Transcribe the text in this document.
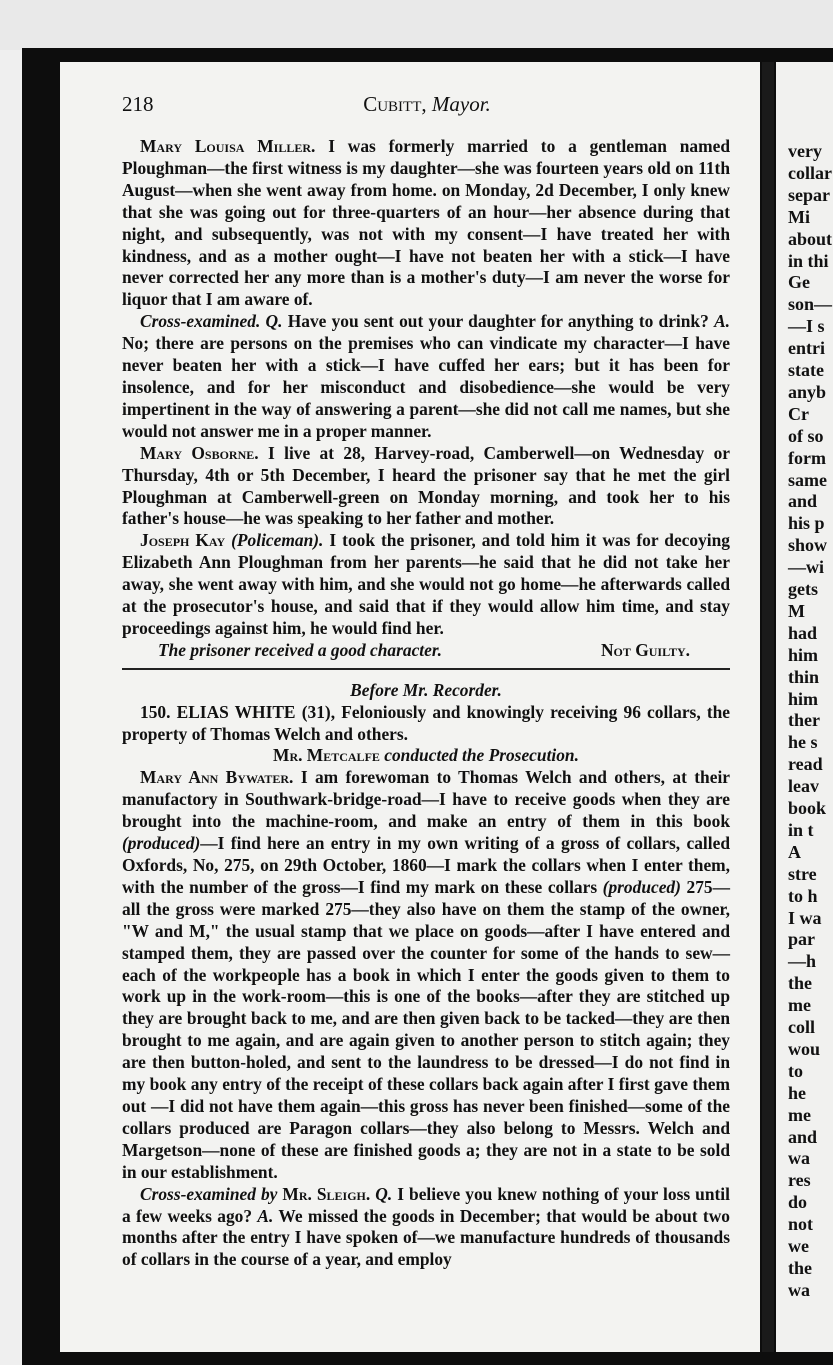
218	Cubitt, Mayor.

Mary Louisa Miller. I was formerly married to a gentleman named Ploughman—the first witness is my daughter—she was fourteen years old on 11th August—when she went away from home. on Monday, 2d December, I only knew that she was going out for three-quarters of an hour—her absence during that night, and subsequently, was not with my consent—I have treated her with kindness, and as a mother ought—I have not beaten her with a stick—I have never corrected her any more than is a mother's duty—I am never the worse for liquor that I am aware of.

Cross-examined. Q. Have you sent out your daughter for anything to drink? A. No; there are persons on the premises who can vindicate my character—I have never beaten her with a stick—I have cuffed her ears; but it has been for insolence, and for her misconduct and disobedience—she would be very impertinent in the way of answering a parent—she did not call me names, but she would not answer me in a proper manner.

Mary Osborne. I live at 28, Harvey-road, Camberwell—on Wednesday or Thursday, 4th or 5th December, I heard the prisoner say that he met the girl Ploughman at Camberwell-green on Monday morning, and took her to his father's house—he was speaking to her father and mother.

Joseph Kay (Policeman). I took the prisoner, and told him it was for decoying Elizabeth Ann Ploughman from her parents—he said that he did not take her away, she went away with him, and she would not go home—he afterwards called at the prosecutor's house, and said that if they would allow him time, and stay proceedings against him, he would find her.

The prisoner received a good character.	Not Guilty.

Before Mr. Recorder.

150. ELIAS WHITE (31), Feloniously and knowingly receiving 96 collars, the property of Thomas Welch and others.

Mr. Metcalfe conducted the Prosecution.

Mary Ann Bywater. I am forewoman to Thomas Welch and others, at their manufactory in Southwark-bridge-road—I have to receive goods when they are brought into the machine-room, and make an entry of them in this book (produced)—I find here an entry in my own writing of a gross of collars, called Oxfords, No, 275, on 29th October, 1860—I mark the collars when I enter them, with the number of the gross—I find my mark on these collars (produced) 275—all the gross were marked 275—they also have on them the stamp of the owner, "W and M," the usual stamp that we place on goods—after I have entered and stamped them, they are passed over the counter for some of the hands to sew—each of the workpeople has a book in which I enter the goods given to them to work up in the work-room—this is one of the books—after they are stitched up they are brought back to me, and are then given back to be tacked—they are then brought to me again, and are again given to another person to stitch again; they are then button-holed, and sent to the laundress to be dressed—I do not find in my book any entry of the receipt of these collars back again after I first gave them out —I did not have them again—this gross has never been finished—some of the collars produced are Paragon collars—they also belong to Messrs. Welch and Margetson—none of these are finished goods a; they are not in a state to be sold in our establishment.

Cross-examined by Mr. Sleigh. Q. I believe you knew nothing of your loss until a few weeks ago? A. We missed the goods in December; that would be about two months after the entry I have spoken of—we manufacture hundreds of thousands of collars in the course of a year, and employ

very
collar
separ
Mi
about
in thi
Ge
son—
—I s
entri
state
anyb
Cr
of so
form
same
and
his p
show
—wi
gets
M
had
him
thin
him
ther
he s
read
leav
book
in t
A
stre
to h
I wa
par
—h
the
me
coll
wou
to
he
me
and
wa
res
do
not
we
the
wa
